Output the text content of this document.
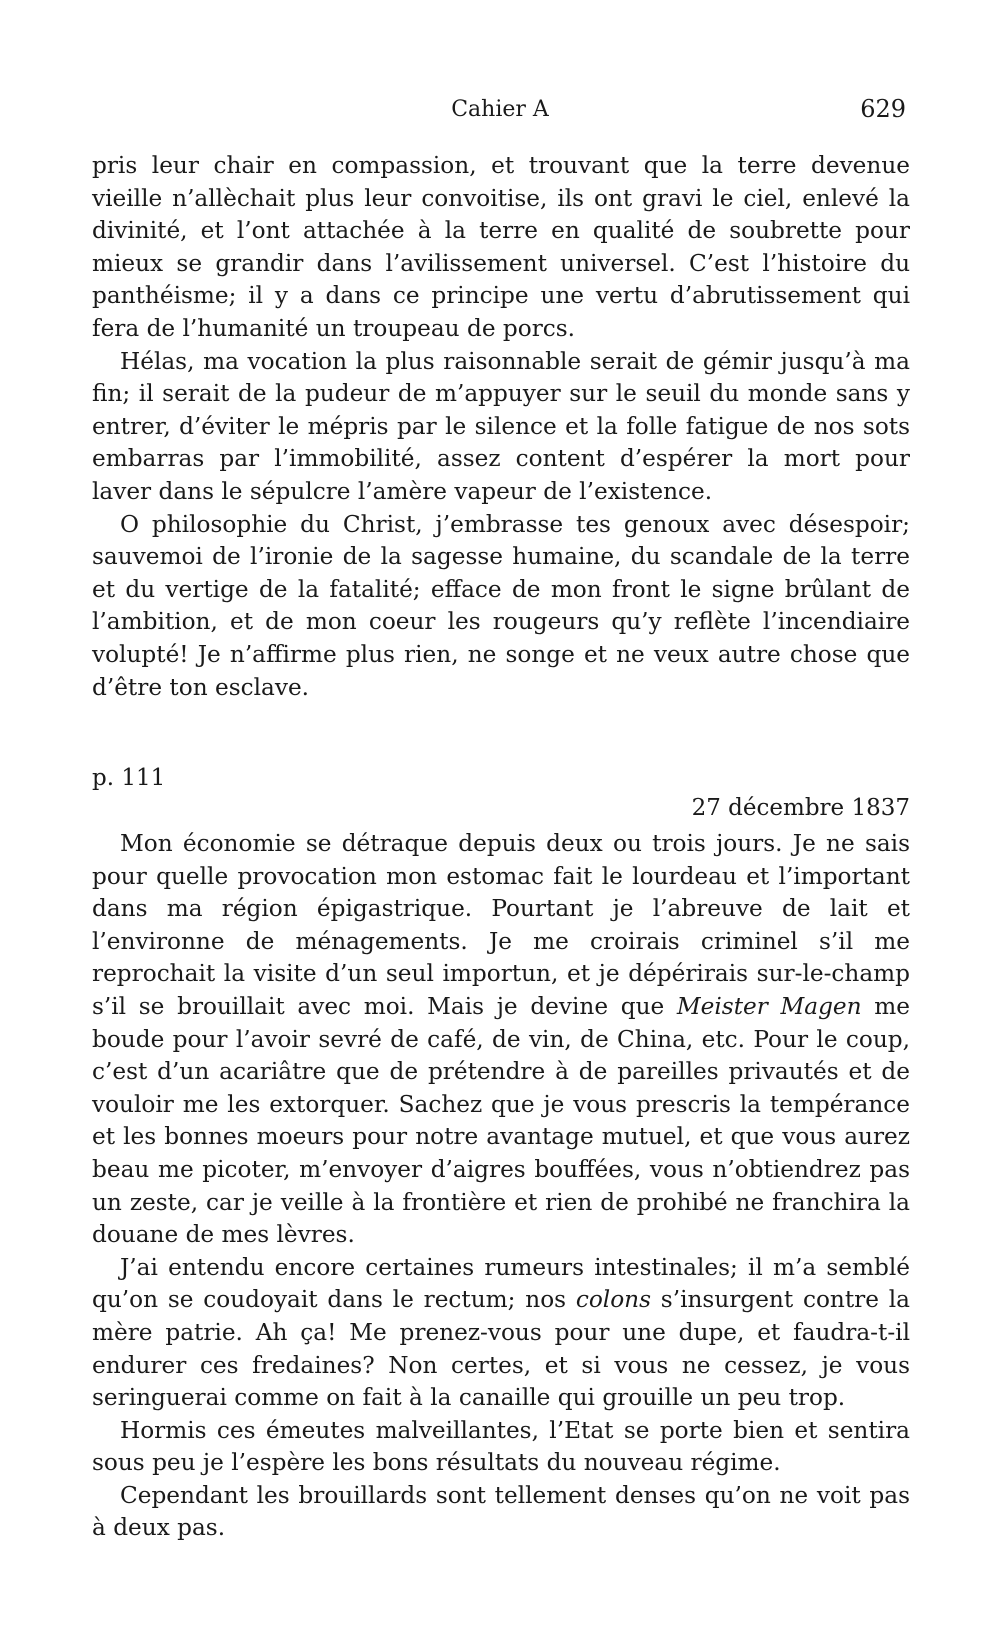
Cahier A	629

pris leur chair en compassion, et trouvant que la terre devenue vieille n’allèchait plus leur convoitise, ils ont gravi le ciel, enlevé la divinité, et l’ont attachée à la terre en qualité de soubrette pour mieux se grandir dans l’avilissement universel. C’est l’histoire du panthéisme; il y a dans ce principe une vertu d’abrutissement qui fera de l’humanité un troupeau de porcs.

Hélas, ma vocation la plus raisonnable serait de gémir jusqu’à ma fin; il serait de la pudeur de m’appuyer sur le seuil du monde sans y entrer, d’éviter le mépris par le silence et la folle fatigue de nos sots embarras par l’immobilité, assez content d’espérer la mort pour laver dans le sépulcre l’amère vapeur de l’existence.

O philosophie du Christ, j’embrasse tes genoux avec désespoir; sauvemoi de l’ironie de la sagesse humaine, du scandale de la terre et du vertige de la fatalité; efface de mon front le signe brûlant de l’ambition, et de mon coeur les rougeurs qu’y reflète l’incendiaire volupté! Je n’affirme plus rien, ne songe et ne veux autre chose que d’être ton esclave.

p. 111
27 décembre 1837

Mon économie se détraque depuis deux ou trois jours. Je ne sais pour quelle provocation mon estomac fait le lourdeau et l’important dans ma région épigastrique. Pourtant je l’abreuve de lait et l’environne de ménagements. Je me croirais criminel s’il me reprochait la visite d’un seul importun, et je dépérirais sur-le-champ s’il se brouillait avec moi. Mais je devine que Meister Magen me boude pour l’avoir sevré de café, de vin, de China, etc. Pour le coup, c’est d’un acariâtre que de prétendre à de pareilles privautés et de vouloir me les extorquer. Sachez que je vous prescris la tempérance et les bonnes moeurs pour notre avantage mutuel, et que vous aurez beau me picoter, m’envoyer d’aigres bouffées, vous n’obtiendrez pas un zeste, car je veille à la frontière et rien de prohibé ne franchira la douane de mes lèvres.

J’ai entendu encore certaines rumeurs intestinales; il m’a semblé qu’on se coudoyait dans le rectum; nos colons s’insurgent contre la mère patrie. Ah ça! Me prenez-vous pour une dupe, et faudra-t-il endurer ces fredaines? Non certes, et si vous ne cessez, je vous seringuerai comme on fait à la canaille qui grouille un peu trop.

Hormis ces émeutes malveillantes, l’Etat se porte bien et sentira sous peu je l’espère les bons résultats du nouveau régime.

Cependant les brouillards sont tellement denses qu’on ne voit pas à deux pas.
